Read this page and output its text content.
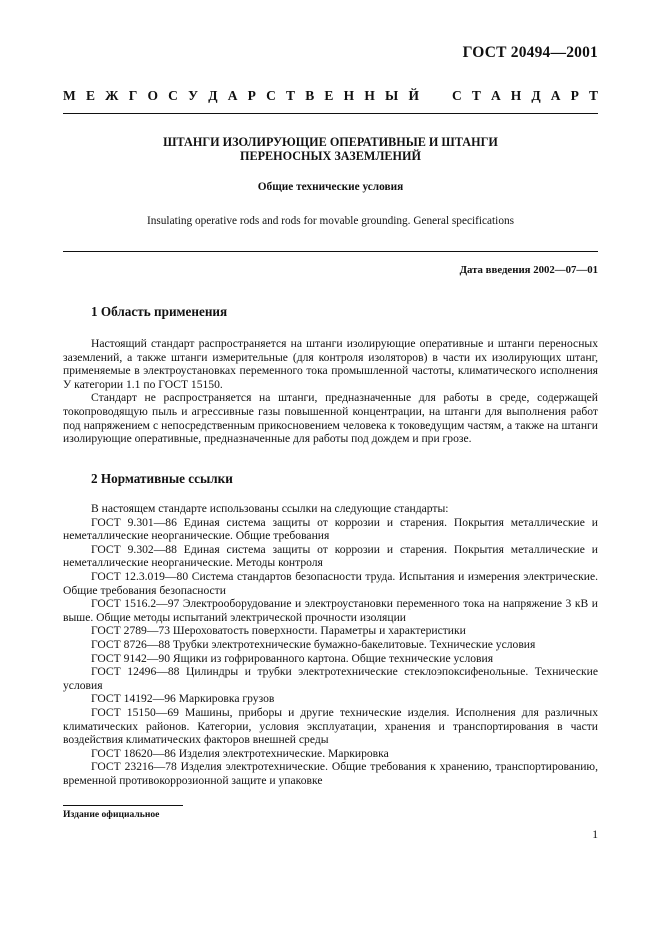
ГОСТ 20494—2001
М Е Ж Г О С У Д А Р С Т В Е Н Н Ы Й С Т А Н Д А Р Т
ШТАНГИ ИЗОЛИРУЮЩИЕ ОПЕРАТИВНЫЕ И ШТАНГИ
ПЕРЕНОСНЫХ ЗАЗЕМЛЕНИЙ
Общие технические условия
Insulating operative rods and rods for movable grounding. General specifications
Дата введения 2002—07—01
1 Область применения

Настоящий стандарт распространяется на штанги изолирующие оперативные и штанги переносных заземлений, а также штанги измерительные (для контроля изоляторов) в части их изолирующих штанг, применяемые в электроустановках переменного тока промышленной частоты, климатического исполнения У категории 1.1 по ГОСТ 15150.

Стандарт не распространяется на штанги, предназначенные для работы в среде, содержащей токопроводящую пыль и агрессивные газы повышенной концентрации, на штанги для выполнения работ под напряжением с непосредственным прикосновением человека к токоведущим частям, а также на штанги изолирующие оперативные, предназначенные для работы под дождем и при грозе.

2 Нормативные ссылки

В настоящем стандарте использованы ссылки на следующие стандарты:

ГОСТ 9.301—86 Единая система защиты от коррозии и старения. Покрытия металлические и неметаллические неорганические. Общие требования

ГОСТ 9.302—88 Единая система защиты от коррозии и старения. Покрытия металлические и неметаллические неорганические. Методы контроля

ГОСТ 12.3.019—80 Система стандартов безопасности труда. Испытания и измерения электрические. Общие требования безопасности

ГОСТ 1516.2—97 Электрооборудование и электроустановки переменного тока на напряжение 3 кВ и выше. Общие методы испытаний электрической прочности изоляции

ГОСТ 2789—73 Шероховатость поверхности. Параметры и характеристики

ГОСТ 8726—88 Трубки электротехнические бумажно-бакелитовые. Технические условия

ГОСТ 9142—90 Ящики из гофрированного картона. Общие технические условия

ГОСТ 12496—88 Цилиндры и трубки электротехнические стеклоэпоксифенольные. Технические условия

ГОСТ 14192—96 Маркировка грузов

ГОСТ 15150—69 Машины, приборы и другие технические изделия. Исполнения для различных климатических районов. Категории, условия эксплуатации, хранения и транспортирования в части воздействия климатических факторов внешней среды

ГОСТ 18620—86 Изделия электротехнические. Маркировка

ГОСТ 23216—78 Изделия электротехнические. Общие требования к хранению, транспортированию, временной противокоррозионной защите и упаковке

Издание официальное
1
